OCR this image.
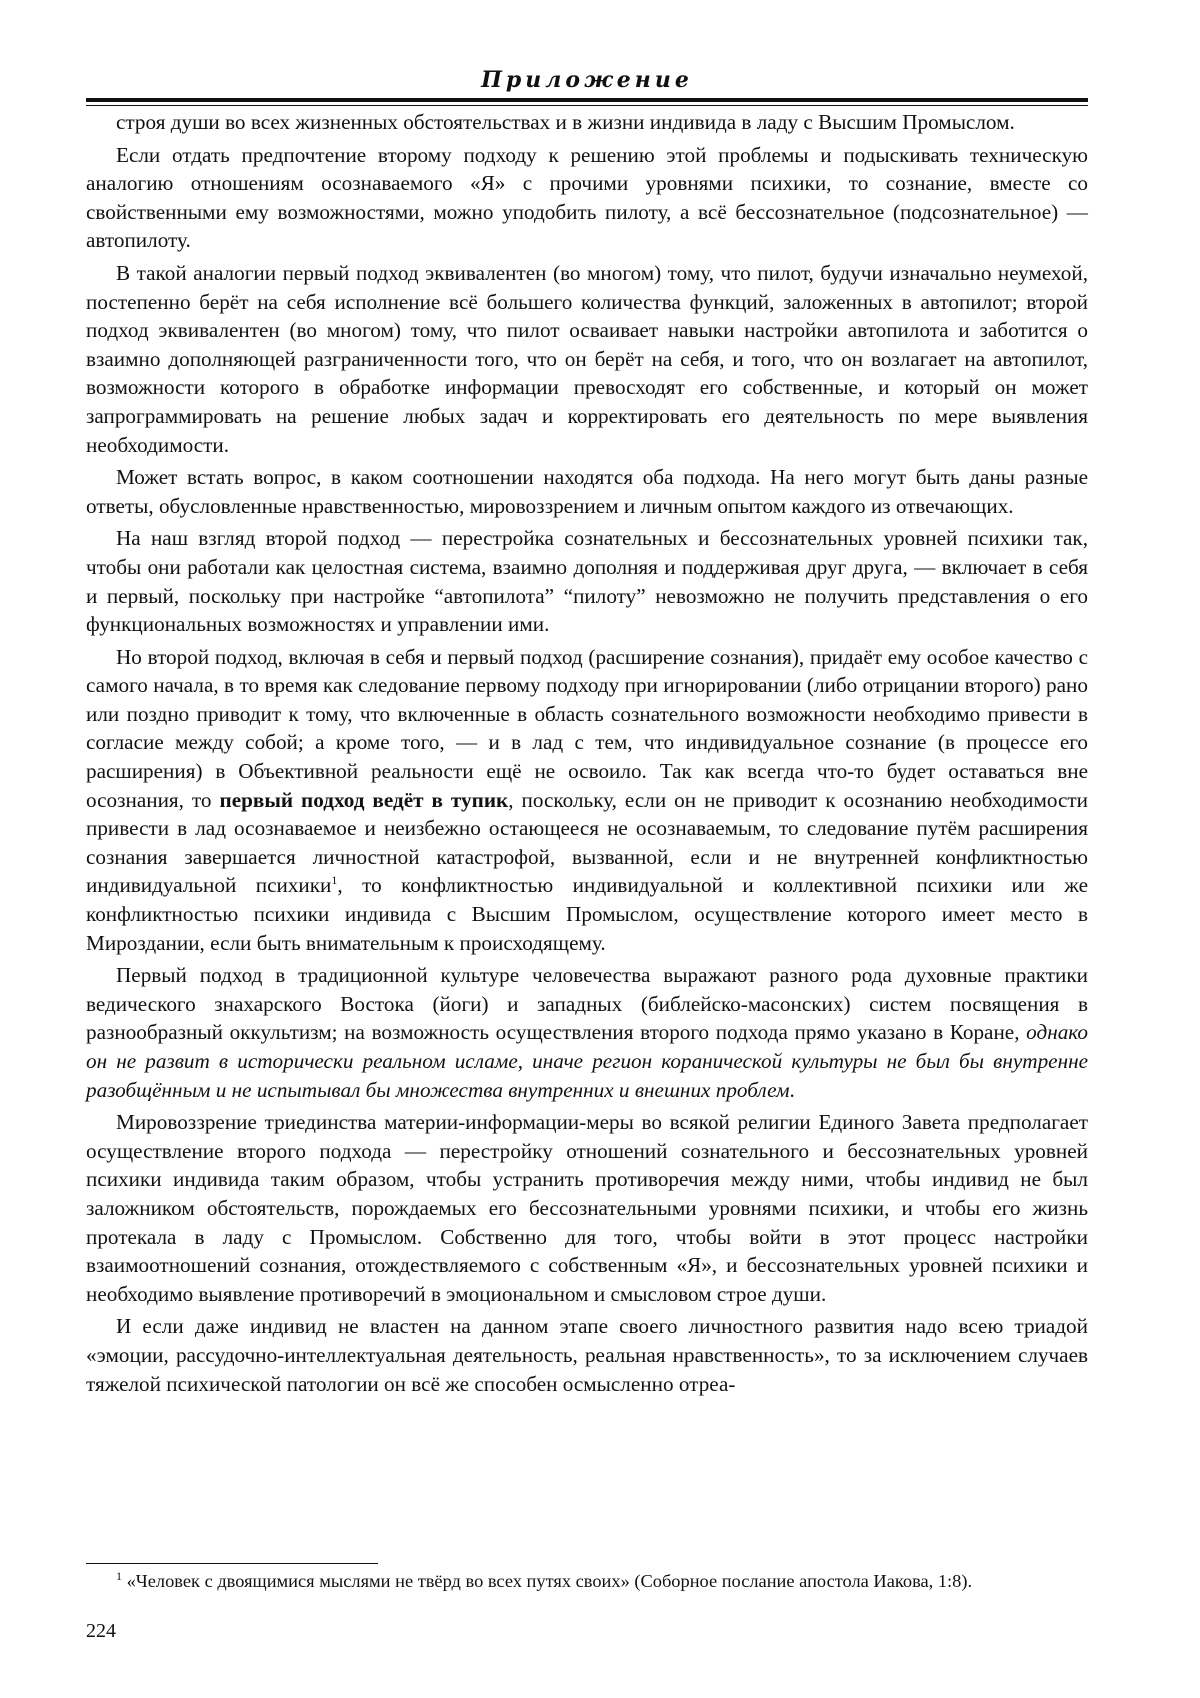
Приложение

строя души во всех жизненных обстоятельствах и в жизни индивида в ладу с Высшим Промыслом.

Если отдать предпочтение второму подходу к решению этой проблемы и подыскивать техническую аналогию отношениям осознаваемого «Я» с прочими уровнями психики, то сознание, вместе со свойственными ему возможностями, можно уподобить пилоту, а всё бессознательное (подсознательное) — автопилоту.

В такой аналогии первый подход эквивалентен (во многом) тому, что пилот, будучи изначально неумехой, постепенно берёт на себя исполнение всё большего количества функций, заложенных в автопилот; второй подход эквивалентен (во многом) тому, что пилот осваивает навыки настройки автопилота и заботится о взаимно дополняющей разграниченности того, что он берёт на себя, и того, что он возлагает на автопилот, возможности которого в обработке информации превосходят его собственные, и который он может запрограммировать на решение любых задач и корректировать его деятельность по мере выявления необходимости.

Может встать вопрос, в каком соотношении находятся оба подхода. На него могут быть даны разные ответы, обусловленные нравственностью, мировоззрением и личным опытом каждого из отвечающих.

На наш взгляд второй подход — перестройка сознательных и бессознательных уровней психики так, чтобы они работали как целостная система, взаимно дополняя и поддерживая друг друга, — включает в себя и первый, поскольку при настройке “автопилота” “пилоту” невозможно не получить представления о его функциональных возможностях и управлении ими.

Но второй подход, включая в себя и первый подход (расширение сознания), придаёт ему особое качество с самого начала, в то время как следование первому подходу при игнорировании (либо отрицании второго) рано или поздно приводит к тому, что включенные в область сознательного возможности необходимо привести в согласие между собой; а кроме того, — и в лад с тем, что индивидуальное сознание (в процессе его расширения) в Объективной реальности ещё не освоило. Так как всегда что-то будет оставаться вне осознания, то первый подход ведёт в тупик, поскольку, если он не приводит к осознанию необходимости привести в лад осознаваемое и неизбежно остающееся не осознаваемым, то следование путём расширения сознания завершается личностной катастрофой, вызванной, если и не внутренней конфликтностью индивидуальной психики$^1$, то конфликтностью индивидуальной и коллективной психики или же конфликтностью психики индивида с Высшим Промыслом, осуществление которого имеет место в Мироздании, если быть внимательным к происходящему.

Первый подход в традиционной культуре человечества выражают разного рода духовные практики ведического знахарского Востока (йоги) и западных (библейско-масонских) систем посвящения в разнообразный оккультизм; на возможность осуществления второго подхода прямо указано в Коране, однако он не развит в исторически реальном исламе, иначе регион коранической культуры не был бы внутренне разобщённым и не испытывал бы множества внутренних и внешних проблем.

Мировоззрение триединства материи-информации-меры во всякой религии Единого Завета предполагает осуществление второго подхода — перестройку отношений сознательного и бессознательных уровней психики индивида таким образом, чтобы устранить противоречия между ними, чтобы индивид не был заложником обстоятельств, порождаемых его бессознательными уровнями психики, и чтобы его жизнь протекала в ладу с Промыслом. Собственно для того, чтобы войти в этот процесс настройки взаимоотношений сознания, отождествляемого с собственным «Я», и бессознательных уровней психики и необходимо выявление противоречий в эмоциональном и смысловом строе души.

И если даже индивид не властен на данном этапе своего личностного развития надо всею триадой «эмоции, рассудочно-интеллектуальная деятельность, реальная нравственность», то за исключением случаев тяжелой психической патологии он всё же способен осмысленно отреа-

$^1$ «Человек с двоящимися мыслями не твёрд во всех путях своих» (Соборное послание апостола Иакова, 1:8).
224
